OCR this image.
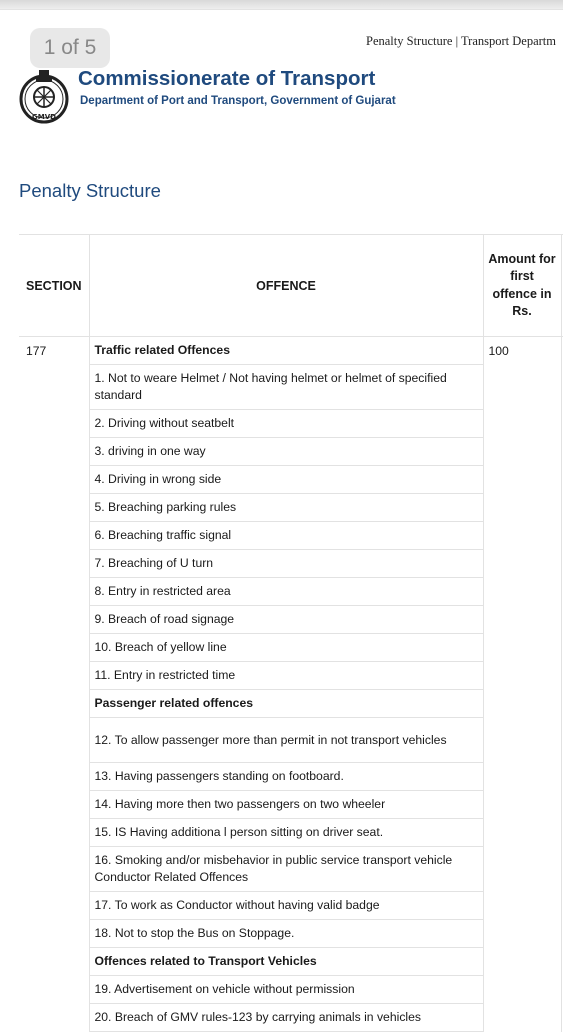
1 of 5	Penalty Structure | Transport Departm
GMVD
Commissionerate of Transport
Department of Port and Transport, Government of Gujarat
Penalty Structure
SECTION	OFFENCE	Amount for first offence in Rs.	
177	Traffic related Offences	100	
	1. Not to weare Helmet / Not having helmet or helmet of specified standard		
	2. Driving without seatbelt		
	3. driving in one way		
	4. Driving in wrong side		
	5. Breaching parking rules		
	6. Breaching traffic signal		
	7. Breaching of U turn		
	8. Entry in restricted area		
	9. Breach of road signage		
	10. Breach of yellow line		
	11. Entry in restricted time		
	Passenger related offences		
	12. To allow passenger more than permit in not transport vehicles		
	13. Having passengers standing on footboard.		
	14. Having more then two passengers on two wheeler		
	15. IS Having additiona l person sitting on driver seat.		
	16. Smoking and/or misbehavior in public service transport vehicle Conductor Related Offences		
	17. To work as Conductor without having valid badge		
	18. Not to stop the Bus on Stoppage.		
	Offences related to Transport Vehicles		
	19. Advertisement on vehicle without permission		
	20. Breach of GMV rules-123 by carrying animals in vehicles		
